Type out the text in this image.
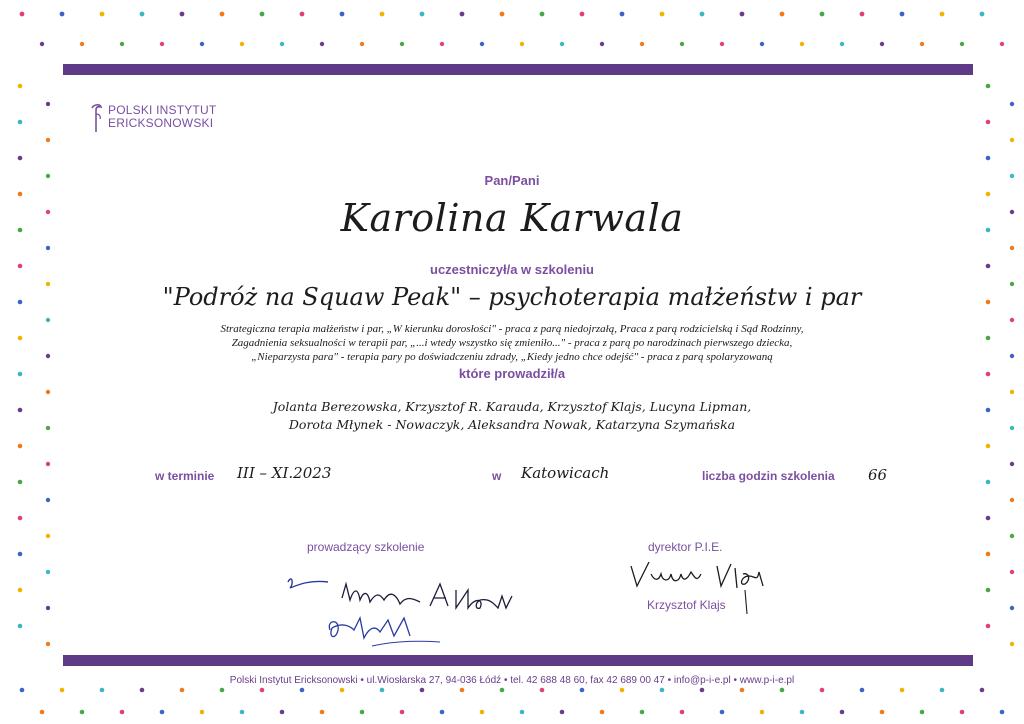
POLSKI INSTYTUT
ERICKSONOWSKI
Pan/Pani
Karolina Karwala
uczestniczył/a w szkoleniu
"Podróż na Squaw Peak" – psychoterapia małżeństw i par
Strategiczna terapia małżeństw i par, „W kierunku dorosłości" - praca z parą niedojrzałą, Praca z parą rodzicielską i Sąd Rodzinny,
Zagadnienia seksualności w terapii par, „...i wtedy wszystko się zmieniło..." - praca z parą po narodzinach pierwszego dziecka,
„Nieparzysta para" - terapia pary po doświadczeniu zdrady, „Kiedy jedno chce odejść" - praca z parą spolaryzowaną
które prowadził/a
Jolanta Berezowska, Krzysztof R. Karauda, Krzysztof Klajs, Lucyna Lipman,
Dorota Młynek - Nowaczyk, Aleksandra Nowak, Katarzyna Szymańska
w terminie III – XI.2023	w Katowicach	liczba godzin szkolenia 66
prowadzący szkolenie	dyrektor P.I.E.
Krzysztof Klajs
Polski Instytut Ericksonowski • ul.Wiosłarska 27, 94-036 Łódź • tel. 42 688 48 60, fax 42 689 00 47 • info@p-i-e.pl • www.p-i-e.pl
